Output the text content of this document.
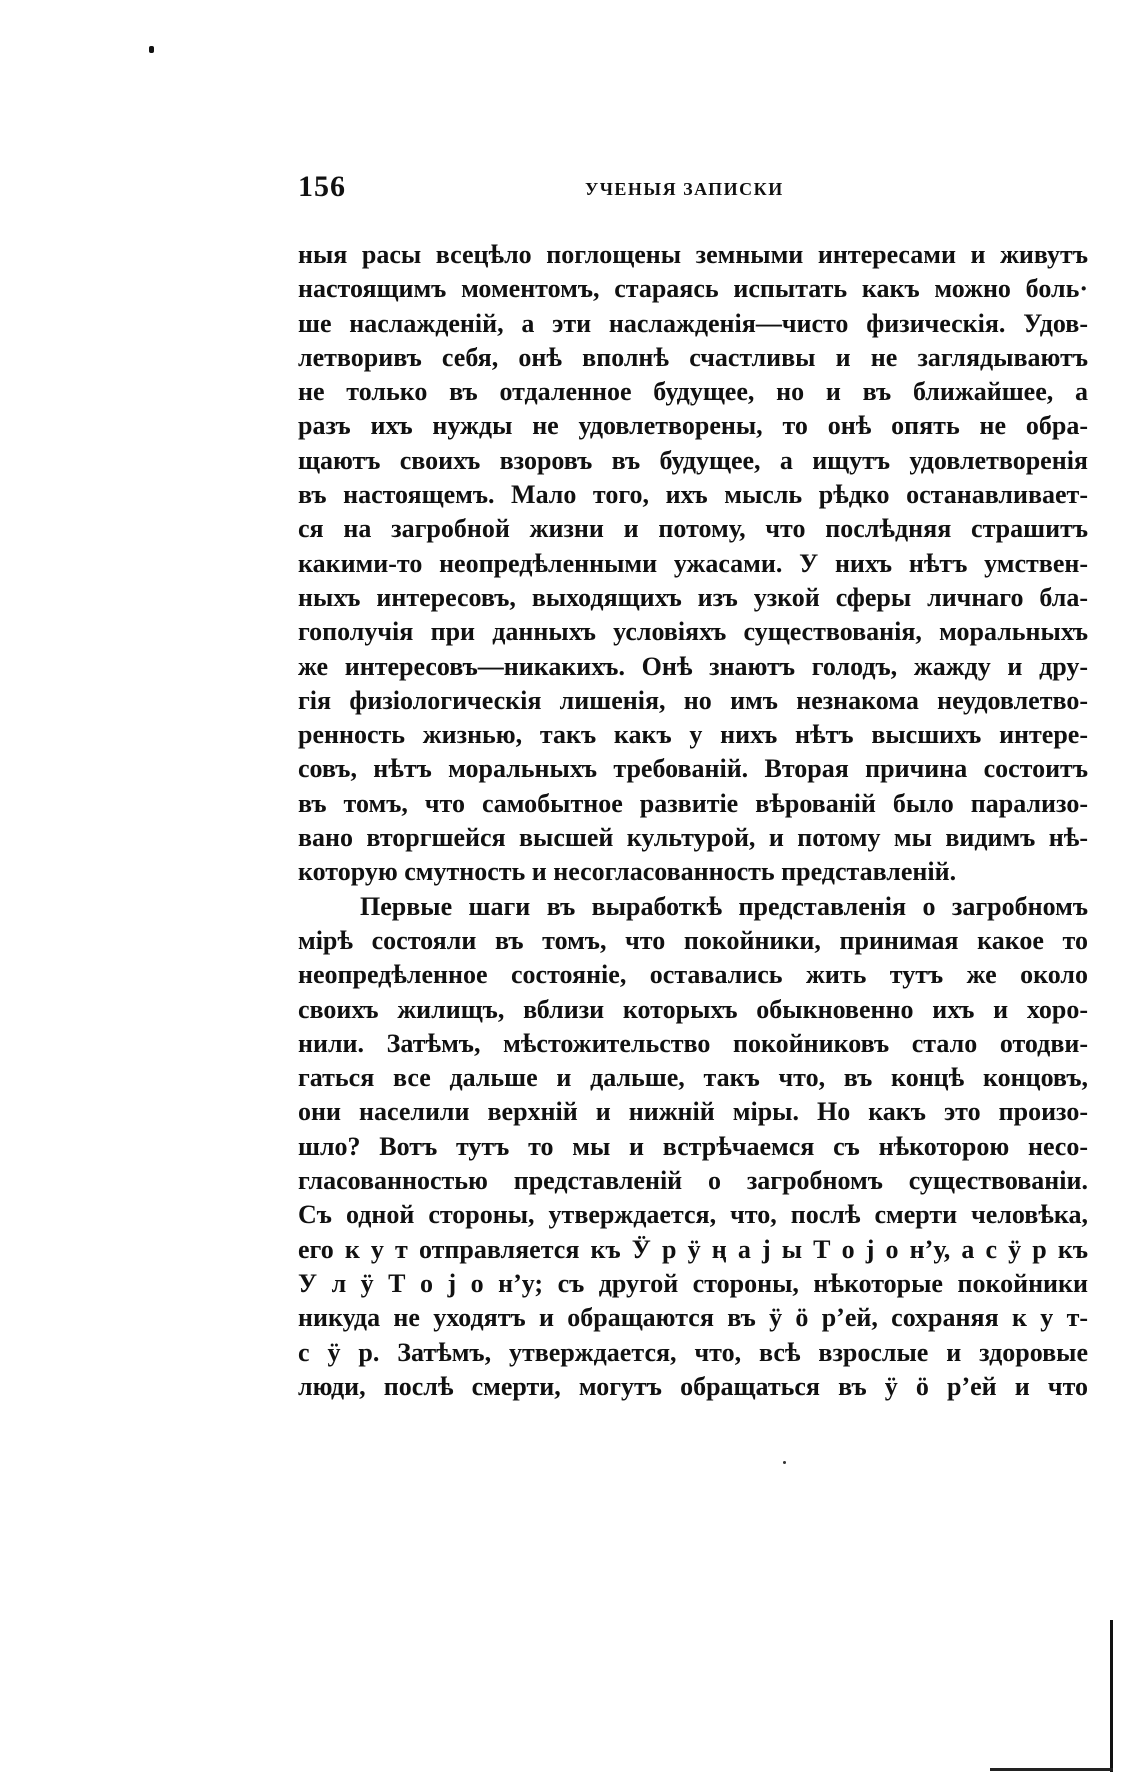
156	УЧЕНЫЯ ЗАПИСКИ
ныя расы всецѣло поглощены земными интересами и живутъ
настоящимъ моментомъ, стараясь испытать какъ можно боль·
ше наслажденій, а эти наслажденія—чисто физическія. Удов-
летворивъ себя, онѣ вполнѣ счастливы и не заглядываютъ
не только въ отдаленное будущее, но и въ ближайшее, а
разъ ихъ нужды не удовлетворены, то онѣ опять не обра-
щаютъ своихъ взоровъ въ будущее, а ищутъ удовлетворенія
въ настоящемъ. Мало того, ихъ мысль рѣдко останавливает-
ся на загробной жизни и потому, что послѣдняя страшитъ
какими-то неопредѣленными ужасами. У нихъ нѣтъ умствен-
ныхъ интересовъ, выходящихъ изъ узкой сферы личнаго бла-
гополучія при данныхъ условіяхъ существованія, моральныхъ
же интересовъ—никакихъ. Онѣ знаютъ голодъ, жажду и дру-
гія физіологическія лишенія, но имъ незнакома неудовлетво-
ренность жизнью, такъ какъ у нихъ нѣтъ высшихъ интере-
совъ, нѣтъ моральныхъ требованій. Вторая причина состоитъ
въ томъ, что самобытное развитіе вѣрованій было парализо-
вано вторгшейся высшей культурой, и потому мы видимъ нѣ-
которую смутность и несогласованность представленій.
Первые шаги въ выработкѣ представленія о загробномъ
мірѣ состояли въ томъ, что покойники, принимая какое то
неопредѣленное состояніе, оставались жить тутъ же около
своихъ жилищъ, вблизи которыхъ обыкновенно ихъ и хоро-
нили. Затѣмъ, мѣстожительство покойниковъ стало отодви-
гаться все дальше и дальше, такъ что, въ концѣ концовъ,
они населили верхній и нижній міры. Но какъ это произо-
шло? Вотъ тутъ то мы и встрѣчаемся съ нѣкоторою несо-
гласованностью представленій о загробномъ существованіи.
Съ одной стороны, утверждается, что, послѣ смерти человѣка,
его к у т отправляется къ Ӱ р ӱ ң а ј ы Т о ј о н’у, а с ӱ р къ
У л ӱ Т о ј о н’у; съ другой стороны, нѣкоторые покойники
никуда не уходятъ и обращаются въ ӱ ӧ р’ей, сохраняя к у т-
с ӱ р. Затѣмъ, утверждается, что, всѣ взрослые и здоровые
люди, послѣ смерти, могутъ обращаться въ ӱ ӧ р’ей и что
